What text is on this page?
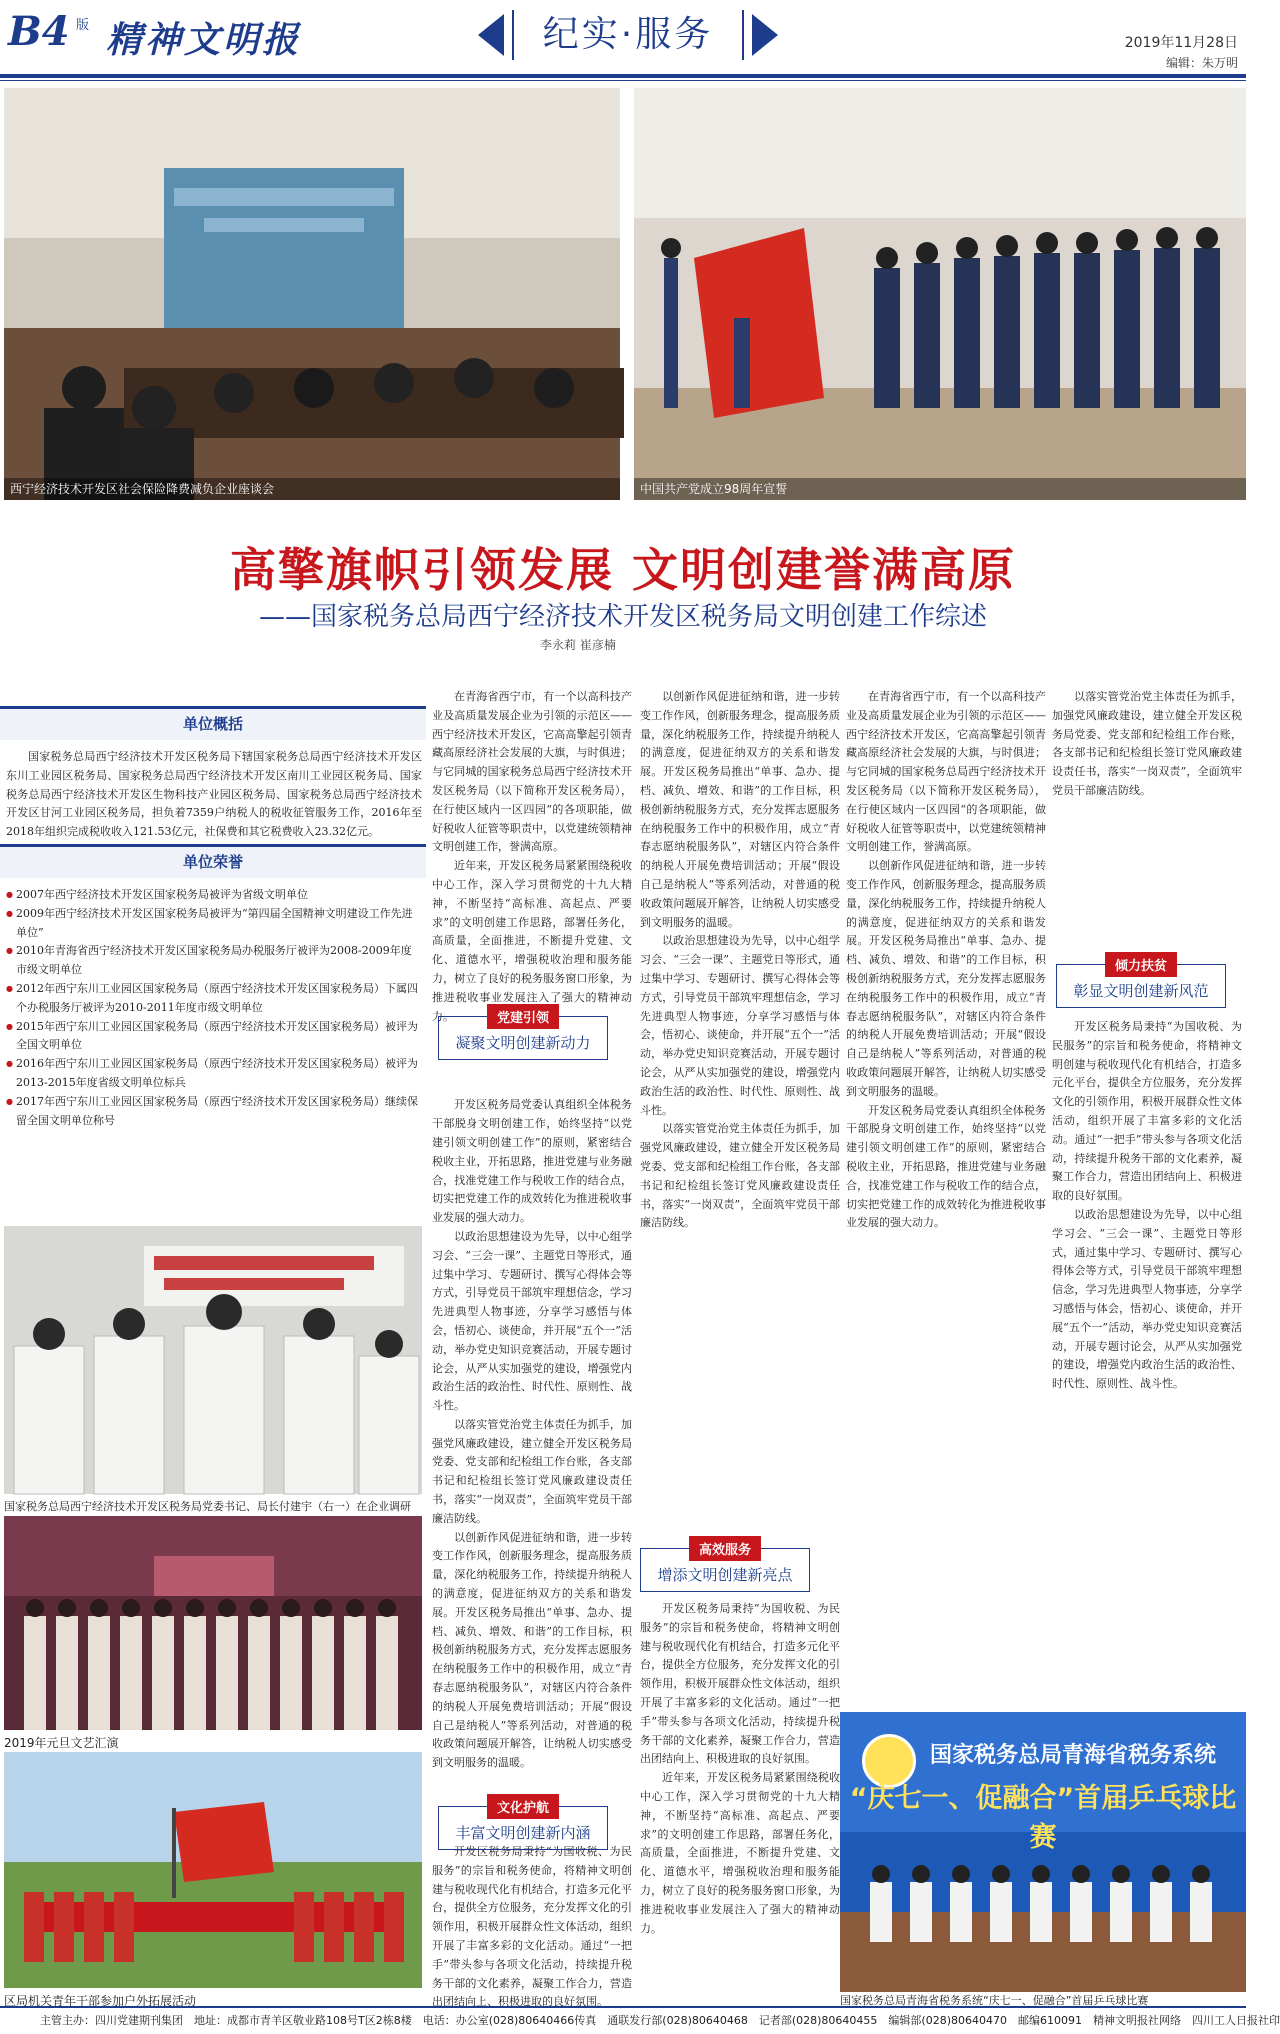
B4 版 精神文明报	纪实·服务	2019年11月28日
编辑：朱万明
西宁经济技术开发区社会保险降费减负企业座谈会	中国共产党成立98周年宣誓
高擎旗帜引领发展 文明创建誉满高原
——国家税务总局西宁经济技术开发区税务局文明创建工作综述
李永莉 崔彦楠
单位概括

国家税务总局西宁经济技术开发区税务局下辖国家税务总局西宁经济技术开发区东川工业园区税务局、国家税务总局西宁经济技术开发区南川工业园区税务局、国家税务总局西宁经济技术开发区生物科技产业园区税务局、国家税务总局西宁经济技术开发区甘河工业园区税务局，担负着7359户纳税人的税收征管服务工作，2016年至2018年组织完成税收收入121.53亿元，社保费和其它税费收入23.32亿元。

单位荣誉
● 2007年西宁经济技术开发区国家税务局被评为省级文明单位
● 2009年西宁经济技术开发区国家税务局被评为“第四届全国精神文明建设工作先进单位”
● 2010年青海省西宁经济技术开发区国家税务局办税服务厅被评为2008-2009年度市级文明单位
● 2012年西宁东川工业园区国家税务局（原西宁经济技术开发区国家税务局）下属四个办税服务厅被评为2010-2011年度市级文明单位
● 2015年西宁东川工业园区国家税务局（原西宁经济技术开发区国家税务局）被评为全国文明单位
● 2016年西宁东川工业园区国家税务局（原西宁经济技术开发区国家税务局）被评为2013-2015年度省级文明单位标兵
● 2017年西宁东川工业园区国家税务局（原西宁经济技术开发区国家税务局）继续保留全国文明单位称号
国家税务总局西宁经济技术开发区税务局党委书记、局长付建宇（右一）在企业调研
2019年元旦文艺汇演
区局机关青年干部参加户外拓展活动

在青海省西宁市，有一个以高科技产业及高质量发展企业为引领的示范区——西宁经济技术开发区，它高高擎起引领青藏高原经济社会发展的大旗，与时俱进；与它同城的国家税务总局西宁经济技术开发区税务局（以下简称开发区税务局），在行使区域内一区四园“的各项职能，做好税收人征管等职责中，以党建统领精神文明创建工作，誉满高原。

近年来，开发区税务局紧紧围绕税收中心工作，深入学习贯彻党的十九大精神，不断坚持“高标准、高起点、严要求”的文明创建工作思路，部署任务化，高质量，全面推进，不断提升党建、文化、道德水平，增强税收治理和服务能力，树立了良好的税务服务窗口形象，为推进税收事业发展注入了强大的精神动力。

开发区税务局党委认真组织全体税务干部脱身文明创建工作，始终坚持“以党建引领文明创建工作”的原则，紧密结合税收主业，开拓思路，推进党建与业务融合，找准党建工作与税收工作的结合点，切实把党建工作的成效转化为推进税收事业发展的强大动力。

以政治思想建设为先导，以中心组学习会、“三会一课”、主题党日等形式，通过集中学习、专题研讨、撰写心得体会等方式，引导党员干部筑牢理想信念，学习先进典型人物事迹，分享学习感悟与体会，悟初心、谈使命，并开展“五个一”活动，举办党史知识竞赛活动，开展专题讨论会，从严从实加强党的建设，增强党内政治生活的政治性、时代性、原则性、战斗性。

以落实管党治党主体责任为抓手，加强党风廉政建设，建立健全开发区税务局党委、党支部和纪检组工作台账，各支部书记和纪检组长签订党风廉政建设责任书，落实“一岗双责”，全面筑牢党员干部廉洁防线。

以创新作风促进征纳和谐，进一步转变工作作风，创新服务理念，提高服务质量，深化纳税服务工作，持续提升纳税人的满意度，促进征纳双方的关系和谐发展。开发区税务局推出“单事、急办、提档、减负、增效、和谐”的工作目标，积极创新纳税服务方式，充分发挥志愿服务在纳税服务工作中的积极作用，成立“青春志愿纳税服务队”，对辖区内符合条件的纳税人开展免费培训活动；开展“假设自己是纳税人”等系列活动，对普通的税收政策问题展开解答，让纳税人切实感受到文明服务的温暖。

开发区税务局秉持“为国收税、为民服务”的宗旨和税务使命，将精神文明创建与税收现代化有机结合，打造多元化平台，提供全方位服务，充分发挥文化的引领作用，积极开展群众性文体活动，组织开展了丰富多彩的文化活动。通过“一把手”带头参与各项文化活动，持续提升税务干部的文化素养，凝聚工作合力，营造出团结向上、积极进取的良好氛围。

党建引领
凝聚文明创建新动力
文化护航
丰富文明创建新内涵
高效服务
增添文明创建新亮点
倾力扶贫
彰显文明创建新风范

以创新作风促进征纳和谐，进一步转变工作作风，创新服务理念，提高服务质量，深化纳税服务工作，持续提升纳税人的满意度，促进征纳双方的关系和谐发展。开发区税务局推出“单事、急办、提档、减负、增效、和谐”的工作目标，积极创新纳税服务方式，充分发挥志愿服务在纳税服务工作中的积极作用，成立“青春志愿纳税服务队”，对辖区内符合条件的纳税人开展免费培训活动；开展“假设自己是纳税人”等系列活动，对普通的税收政策问题展开解答，让纳税人切实感受到文明服务的温暖。

以政治思想建设为先导，以中心组学习会、“三会一课”、主题党日等形式，通过集中学习、专题研讨、撰写心得体会等方式，引导党员干部筑牢理想信念，学习先进典型人物事迹，分享学习感悟与体会，悟初心、谈使命，并开展“五个一”活动，举办党史知识竞赛活动，开展专题讨论会，从严从实加强党的建设，增强党内政治生活的政治性、时代性、原则性、战斗性。

以落实管党治党主体责任为抓手，加强党风廉政建设，建立健全开发区税务局党委、党支部和纪检组工作台账，各支部书记和纪检组长签订党风廉政建设责任书，落实“一岗双责”，全面筑牢党员干部廉洁防线。

开发区税务局秉持“为国收税、为民服务”的宗旨和税务使命，将精神文明创建与税收现代化有机结合，打造多元化平台，提供全方位服务，充分发挥文化的引领作用，积极开展群众性文体活动，组织开展了丰富多彩的文化活动。通过“一把手”带头参与各项文化活动，持续提升税务干部的文化素养，凝聚工作合力，营造出团结向上、积极进取的良好氛围。

近年来，开发区税务局紧紧围绕税收中心工作，深入学习贯彻党的十九大精神，不断坚持“高标准、高起点、严要求”的文明创建工作思路，部署任务化，高质量，全面推进，不断提升党建、文化、道德水平，增强税收治理和服务能力，树立了良好的税务服务窗口形象，为推进税收事业发展注入了强大的精神动力。

在青海省西宁市，有一个以高科技产业及高质量发展企业为引领的示范区——西宁经济技术开发区，它高高擎起引领青藏高原经济社会发展的大旗，与时俱进；与它同城的国家税务总局西宁经济技术开发区税务局（以下简称开发区税务局），在行使区域内一区四园“的各项职能，做好税收人征管等职责中，以党建统领精神文明创建工作，誉满高原。

以创新作风促进征纳和谐，进一步转变工作作风，创新服务理念，提高服务质量，深化纳税服务工作，持续提升纳税人的满意度，促进征纳双方的关系和谐发展。开发区税务局推出“单事、急办、提档、减负、增效、和谐”的工作目标，积极创新纳税服务方式，充分发挥志愿服务在纳税服务工作中的积极作用，成立“青春志愿纳税服务队”，对辖区内符合条件的纳税人开展免费培训活动；开展“假设自己是纳税人”等系列活动，对普通的税收政策问题展开解答，让纳税人切实感受到文明服务的温暖。

开发区税务局党委认真组织全体税务干部脱身文明创建工作，始终坚持“以党建引领文明创建工作”的原则，紧密结合税收主业，开拓思路，推进党建与业务融合，找准党建工作与税收工作的结合点，切实把党建工作的成效转化为推进税收事业发展的强大动力。

以落实管党治党主体责任为抓手，加强党风廉政建设，建立健全开发区税务局党委、党支部和纪检组工作台账，各支部书记和纪检组长签订党风廉政建设责任书，落实“一岗双责”，全面筑牢党员干部廉洁防线。

开发区税务局秉持“为国收税、为民服务”的宗旨和税务使命，将精神文明创建与税收现代化有机结合，打造多元化平台，提供全方位服务，充分发挥文化的引领作用，积极开展群众性文体活动，组织开展了丰富多彩的文化活动。通过“一把手”带头参与各项文化活动，持续提升税务干部的文化素养，凝聚工作合力，营造出团结向上、积极进取的良好氛围。

以政治思想建设为先导，以中心组学习会、“三会一课”、主题党日等形式，通过集中学习、专题研讨、撰写心得体会等方式，引导党员干部筑牢理想信念，学习先进典型人物事迹，分享学习感悟与体会，悟初心、谈使命，并开展“五个一”活动，举办党史知识竞赛活动，开展专题讨论会，从严从实加强党的建设，增强党内政治生活的政治性、时代性、原则性、战斗性。

国家税务总局青海省税务系统
“庆七一、促融合”首届乒乓球比赛
国家税务总局青海省税务系统“庆七一、促融合”首届乒乓球比赛
主管主办：四川党建期刊集团　地址：成都市青羊区敬业路108号T区2栋8楼　电话：办公室(028)80640466传真　通联发行部(028)80640468　记者部(028)80640455　编辑部(028)80640470　邮编610091　精神文明报社网络　四川工人日报社印
